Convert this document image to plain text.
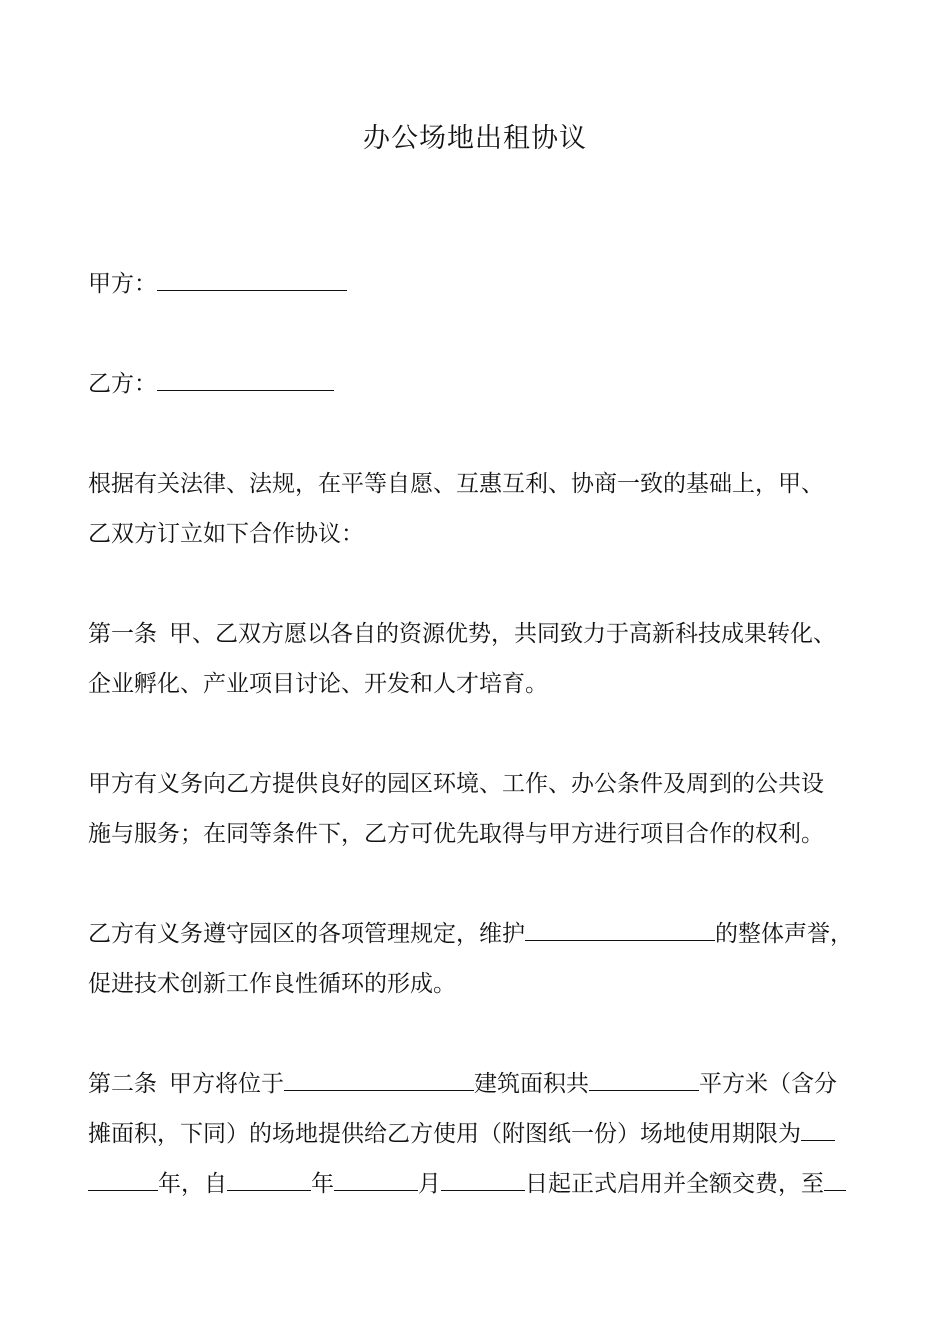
办公场地出租协议
甲方：
乙方：
根据有关法律、法规，在平等自愿、互惠互利、协商一致的基础上，甲、
乙双方订立如下合作协议：
第一条 甲、乙双方愿以各自的资源优势，共同致力于高新科技成果转化、
企业孵化、产业项目讨论、开发和人才培育。
甲方有义务向乙方提供良好的园区环境、工作、办公条件及周到的公共设
施与服务；在同等条件下，乙方可优先取得与甲方进行项目合作的权利。
乙方有义务遵守园区的各项管理规定，维护	的整体声誉，
促进技术创新工作良性循环的形成。
第二条 甲方将位于	建筑面积共	平方米（含分
摊面积，下同）的场地提供给乙方使用（附图纸一份）场地使用期限为
年，自	年	月	日起正式启用并全额交费，至
